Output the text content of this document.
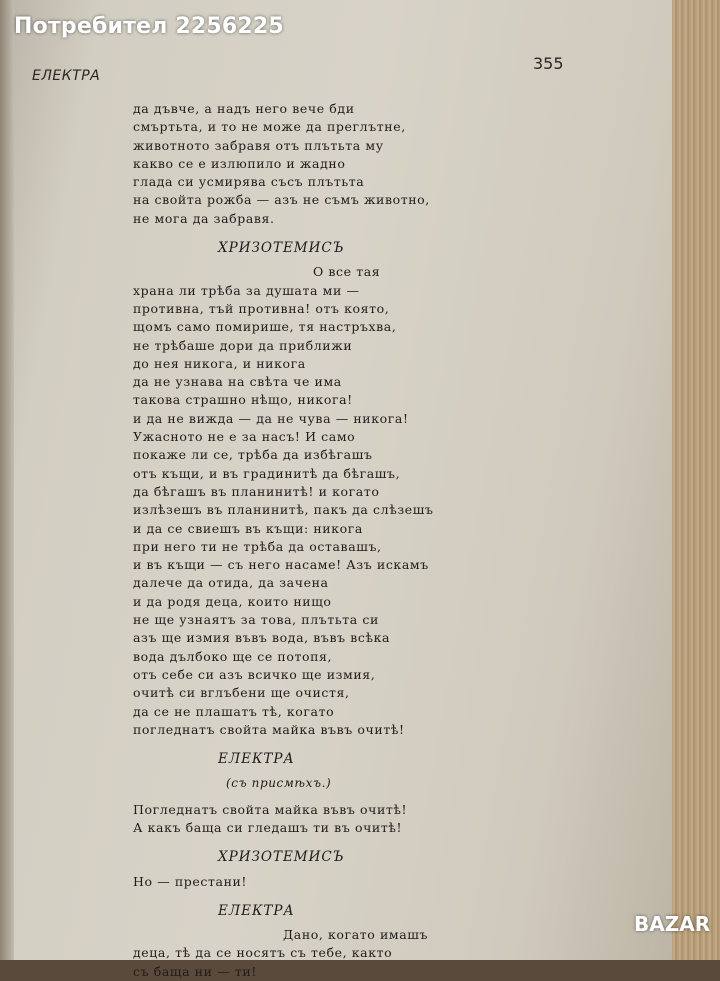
Потребител 2256225
ЕЛЕКТРА
355
да дъвче, а надъ него вече бди
смъртьта, и то не може да преглътне,
животното забравя отъ плътьта му
какво се е излюпило и жадно
глада си усмирява съсъ плътьта
на свойта рожба — азъ не съмъ животно,
не мога да забравя.
ХРИЗОТЕМИСЪ
О все тая
храна ли трѣба за душата ми —
противна, тъй противна! отъ която,
щомъ само помирише, тя настръхва,
не трѣбаше дори да приближи
до нея никога, и никога
да не узнава на свѣта че има
такова страшно нѣщо, никога!
и да не вижда — да не чува — никога!
Ужасното не е за насъ! И само
покаже ли се, трѣба да избѣгашъ
отъ къщи, и въ градинитѣ да бѣгашъ,
да бѣгашъ въ планинитѣ! и когато
излѣзешъ въ планинитѣ, пакъ да слѣзешъ
и да се свиешъ въ къщи: никога
при него ти не трѣба да оставашъ,
и въ къщи — съ него насаме! Азъ искамъ
далече да отида, да зачена
и да родя деца, които нищо
не ще узнаятъ за това, плътьта си
азъ ще измия въвъ вода, въвъ всѣка
вода дълбоко ще се потопя,
отъ себе си азъ всичко ще измия,
очитѣ си вглъбени ще очистя,
да се не плашатъ тѣ, когато
погледнатъ свойта майка въвъ очитѣ!
ЕЛЕКТРА
(съ присмѣхъ.)
Погледнатъ свойта майка въвъ очитѣ!
А какъ баща си гледашъ ти въ очитѣ!
ХРИЗОТЕМИСЪ
Но — престани!
ЕЛЕКТРА
Дано, когато имашъ
деца, тѣ да се носятъ съ тебе, както
съ баща ни — ти!
BAZAR
